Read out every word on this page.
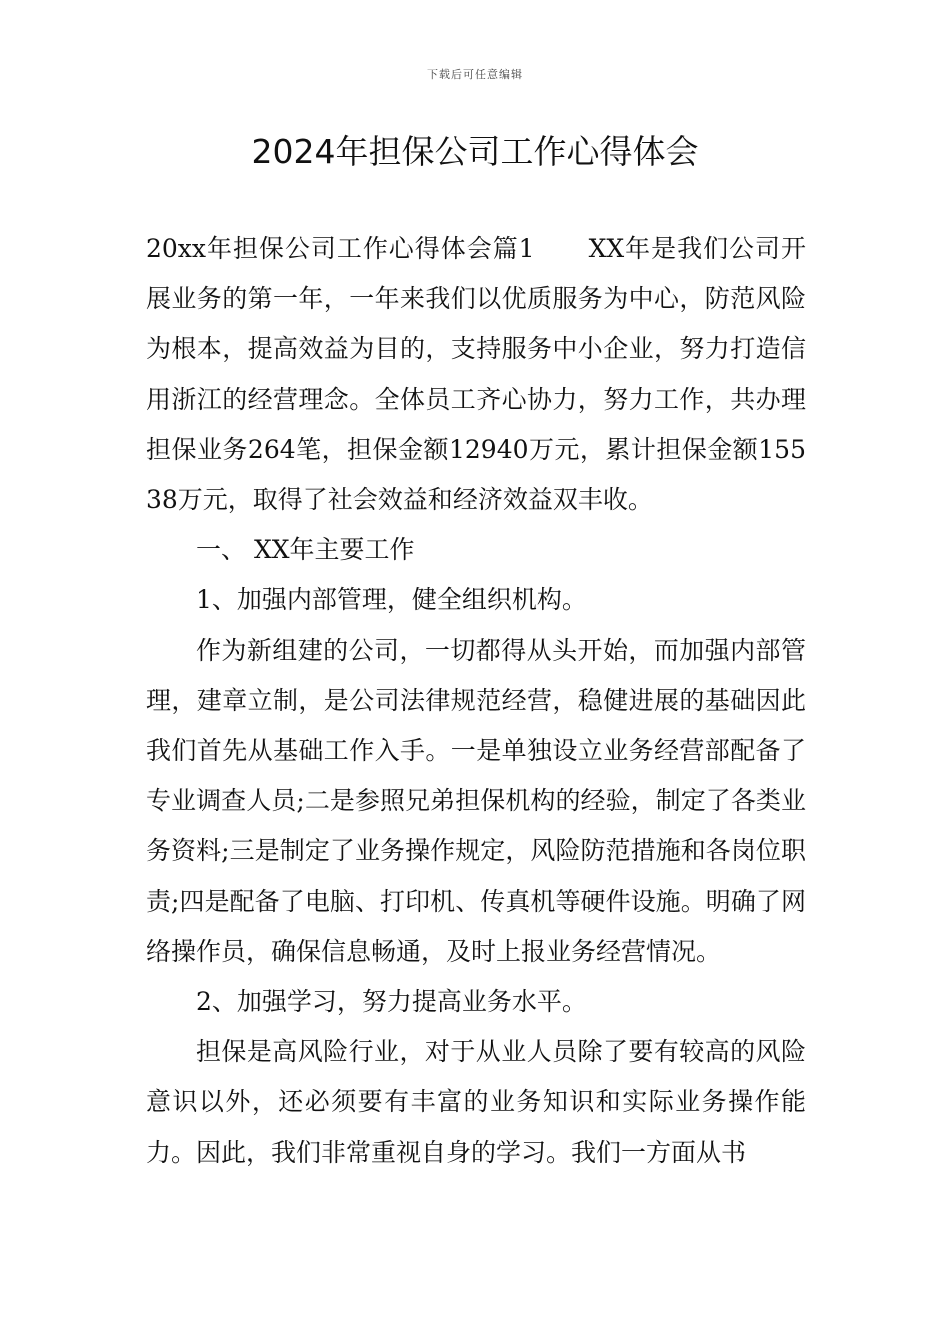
下载后可任意编辑
2024年担保公司工作心得体会

20xx年担保公司工作心得体会篇1 XX年是我们公司开展业务的第一年，一年来我们以优质服务为中心，防范风险为根本，提高效益为目的，支持服务中小企业，努力打造信用浙江的经营理念。全体员工齐心协力，努力工作，共办理担保业务264笔，担保金额12940万元，累计担保金额15538万元，取得了社会效益和经济效益双丰收。

一、 XX年主要工作

1、加强内部管理，健全组织机构。

作为新组建的公司，一切都得从头开始，而加强内部管理，建章立制，是公司法律规范经营，稳健进展的基础因此我们首先从基础工作入手。一是单独设立业务经营部配备了专业调查人员;二是参照兄弟担保机构的经验，制定了各类业务资料;三是制定了业务操作规定，风险防范措施和各岗位职责;四是配备了电脑、打印机、传真机等硬件设施。明确了网络操作员，确保信息畅通，及时上报业务经营情况。

2、加强学习，努力提高业务水平。

担保是高风险行业，对于从业人员除了要有较高的风险意识以外，还必须要有丰富的业务知识和实际业务操作能力。因此，我们非常重视自身的学习。我们一方面从书
